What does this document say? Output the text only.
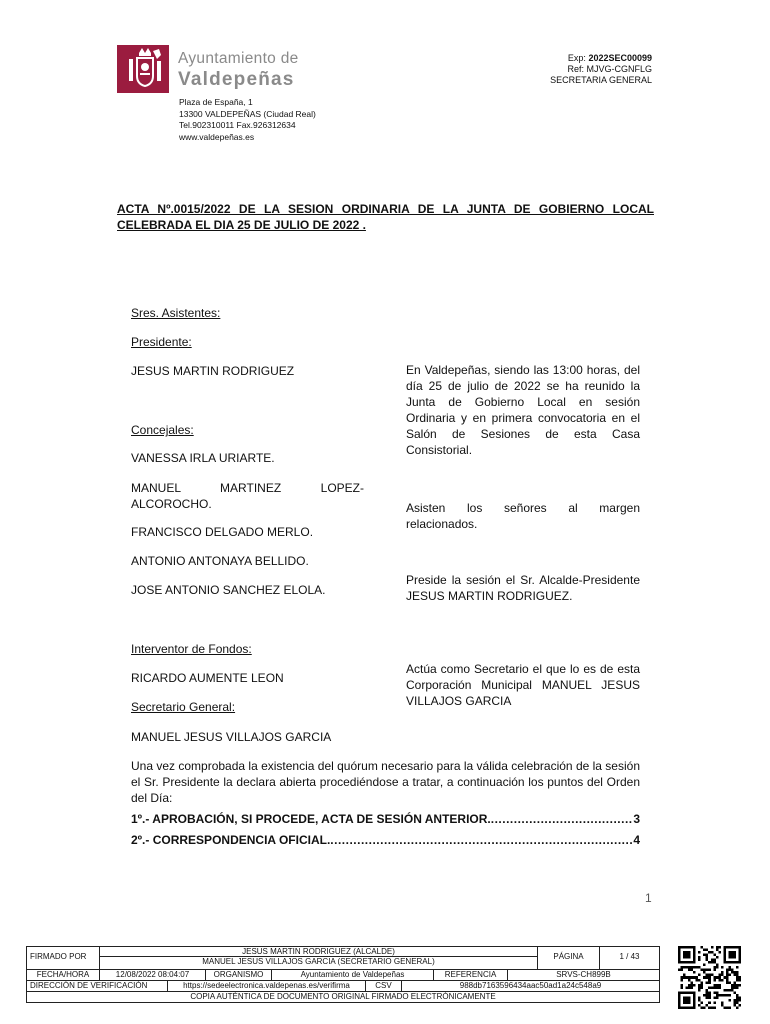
Ayuntamiento de
Valdepeñas
Plaza de España, 1
13300 VALDEPEÑAS (Ciudad Real)
Tel.902310011 Fax.926312634
www.valdepeñas.es
Exp: 2022SEC00099
Ref: MJVG-CGNFLG
SECRETARIA GENERAL
ACTA Nº.0015/2022 DE LA SESION ORDINARIA DE LA JUNTA DE GOBIERNO LOCAL CELEBRADA EL DIA 25 DE JULIO DE 2022 .
Sres. Asistentes:
Presidente:
JESUS MARTIN RODRIGUEZ
Concejales:
VANESSA IRLA URIARTE.
MANUEL MARTINEZ LOPEZ-ALCOROCHO.
FRANCISCO DELGADO MERLO.
ANTONIO ANTONAYA BELLIDO.
JOSE ANTONIO SANCHEZ ELOLA.
Interventor de Fondos:
RICARDO AUMENTE LEON
Secretario General:
MANUEL JESUS VILLAJOS GARCIA
En Valdepeñas, siendo las 13:00 horas, del día 25 de julio de 2022 se ha reunido la Junta de Gobierno Local en sesión Ordinaria y en primera convocatoria en el Salón de Sesiones de esta Casa Consistorial.
Asisten los señores al margen relacionados.
Preside la sesión el Sr. Alcalde-Presidente JESUS MARTIN RODRIGUEZ.
Actúa como Secretario el que lo es de esta Corporación Municipal MANUEL JESUS VILLAJOS GARCIA
Una vez comprobada la existencia del quórum necesario para la válida celebración de la sesión el Sr. Presidente la declara abierta procediéndose a tratar, a continuación los puntos del Orden del Día:
1º.- APROBACIÓN, SI PROCEDE, ACTA DE SESIÓN ANTERIOR. .....	3
2º.- CORRESPONDENCIA OFICIAL. .....	4
1
FIRMADO POR
JESUS MARTIN RODRIGUEZ (ALCALDE)
MANUEL JESUS VILLAJOS GARCIA (SECRETARIO GENERAL)
PÁGINA	1 / 43
FECHA/HORA	12/08/2022 08:04:07	ORGANISMO	Ayuntamiento de Valdepeñas	REFERENCIA	SRVS-CH899B
DIRECCIÓN DE VERIFICACIÓN	https://sedeelectronica.valdepenas.es/verifirma	CSV	988db7163596434aac50ad1a24c548a9
COPIA AUTÉNTICA DE DOCUMENTO ORIGINAL FIRMADO ELECTRÓNICAMENTE
